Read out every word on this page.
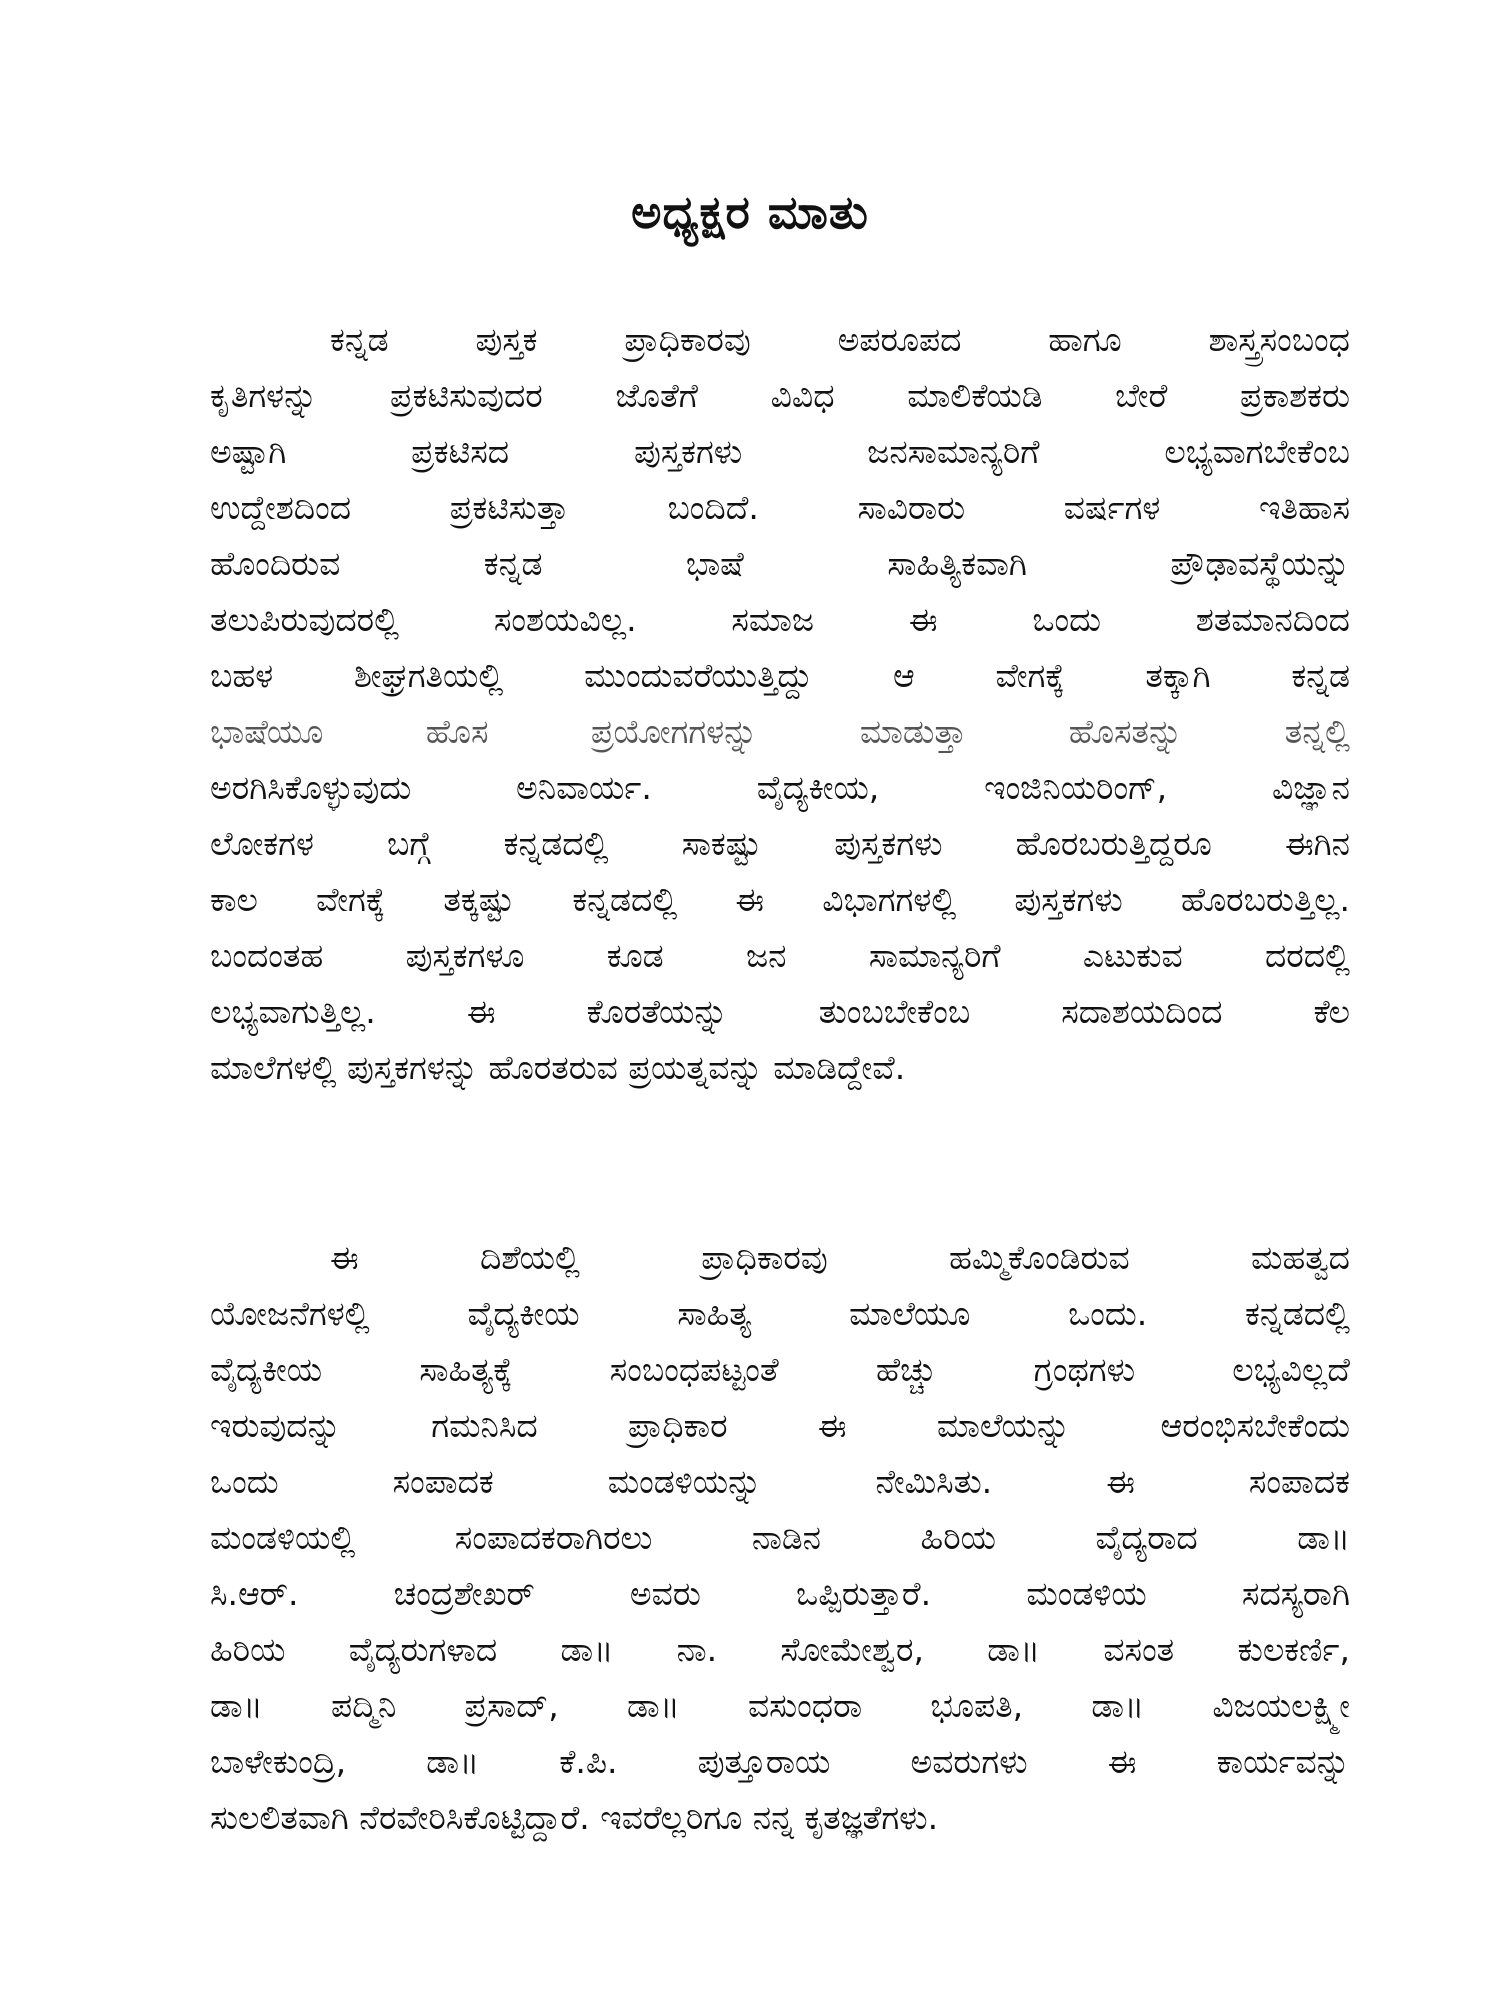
ಅಧ್ಯಕ್ಷರ ಮಾತು
ಕನ್ನಡ ಪುಸ್ತಕ ಪ್ರಾಧಿಕಾರವು ಅಪರೂಪದ ಹಾಗೂ ಶಾಸ್ತ್ರಸಂಬಂಧ
ಕೃತಿಗಳನ್ನು ಪ್ರಕಟಿಸುವುದರ ಜೊತೆಗೆ ವಿವಿಧ ಮಾಲಿಕೆಯಡಿ ಬೇರೆ ಪ್ರಕಾಶಕರು
ಅಷ್ಟಾಗಿ ಪ್ರಕಟಿಸದ ಪುಸ್ತಕಗಳು ಜನಸಾಮಾನ್ಯರಿಗೆ ಲಭ್ಯವಾಗಬೇಕೆಂಬ
ಉದ್ದೇಶದಿಂದ ಪ್ರಕಟಿಸುತ್ತಾ ಬಂದಿದೆ. ಸಾವಿರಾರು ವರ್ಷಗಳ ಇತಿಹಾಸ
ಹೊಂದಿರುವ ಕನ್ನಡ ಭಾಷೆ ಸಾಹಿತ್ಯಿಕವಾಗಿ ಪ್ರೌಢಾವಸ್ಥೆಯನ್ನು
ತಲುಪಿರುವುದರಲ್ಲಿ ಸಂಶಯವಿಲ್ಲ. ಸಮಾಜ ಈ ಒಂದು ಶತಮಾನದಿಂದ
ಬಹಳ ಶೀಘ್ರಗತಿಯಲ್ಲಿ ಮುಂದುವರೆಯುತ್ತಿದ್ದು ಆ ವೇಗಕ್ಕೆ ತಕ್ಕಾಗಿ ಕನ್ನಡ
ಭಾಷೆಯೂ ಹೊಸ ಪ್ರಯೋಗಗಳನ್ನು ಮಾಡುತ್ತಾ ಹೊಸತನ್ನು ತನ್ನಲ್ಲಿ
ಅರಗಿಸಿಕೊಳ್ಳುವುದು ಅನಿವಾರ್ಯ. ವೈದ್ಯಕೀಯ, ಇಂಜಿನಿಯರಿಂಗ್, ವಿಜ್ಞಾನ
ಲೋಕಗಳ ಬಗ್ಗೆ ಕನ್ನಡದಲ್ಲಿ ಸಾಕಷ್ಟು ಪುಸ್ತಕಗಳು ಹೊರಬರುತ್ತಿದ್ದರೂ ಈಗಿನ
ಕಾಲ ವೇಗಕ್ಕೆ ತಕ್ಕಷ್ಟು ಕನ್ನಡದಲ್ಲಿ ಈ ವಿಭಾಗಗಳಲ್ಲಿ ಪುಸ್ತಕಗಳು ಹೊರಬರುತ್ತಿಲ್ಲ.
ಬಂದಂತಹ ಪುಸ್ತಕಗಳೂ ಕೂಡ ಜನ ಸಾಮಾನ್ಯರಿಗೆ ಎಟುಕುವ ದರದಲ್ಲಿ
ಲಭ್ಯವಾಗುತ್ತಿಲ್ಲ. ಈ ಕೊರತೆಯನ್ನು ತುಂಬಬೇಕೆಂಬ ಸದಾಶಯದಿಂದ ಕೆಲ
ಮಾಲೆಗಳಲ್ಲಿ ಪುಸ್ತಕಗಳನ್ನು ಹೊರತರುವ ಪ್ರಯತ್ನವನ್ನು ಮಾಡಿದ್ದೇವೆ.
ಈ ದಿಶೆಯಲ್ಲಿ ಪ್ರಾಧಿಕಾರವು ಹಮ್ಮಿಕೊಂಡಿರುವ ಮಹತ್ವದ
ಯೋಜನೆಗಳಲ್ಲಿ ವೈದ್ಯಕೀಯ ಸಾಹಿತ್ಯ ಮಾಲೆಯೂ ಒಂದು. ಕನ್ನಡದಲ್ಲಿ
ವೈದ್ಯಕೀಯ ಸಾಹಿತ್ಯಕ್ಕೆ ಸಂಬಂಧಪಟ್ಟಂತೆ ಹೆಚ್ಚು ಗ್ರಂಥಗಳು ಲಭ್ಯವಿಲ್ಲದೆ
ಇರುವುದನ್ನು ಗಮನಿಸಿದ ಪ್ರಾಧಿಕಾರ ಈ ಮಾಲೆಯನ್ನು ಆರಂಭಿಸಬೇಕೆಂದು
ಒಂದು ಸಂಪಾದಕ ಮಂಡಳಿಯನ್ನು ನೇಮಿಸಿತು. ಈ ಸಂಪಾದಕ
ಮಂಡಳಿಯಲ್ಲಿ ಸಂಪಾದಕರಾಗಿರಲು ನಾಡಿನ ಹಿರಿಯ ವೈದ್ಯರಾದ ಡಾ॥
ಸಿ.ಆರ್. ಚಂದ್ರಶೇಖರ್ ಅವರು ಒಪ್ಪಿರುತ್ತಾರೆ. ಮಂಡಳಿಯ ಸದಸ್ಯರಾಗಿ
ಹಿರಿಯ ವೈದ್ಯರುಗಳಾದ ಡಾ॥ ನಾ. ಸೋಮೇಶ್ವರ, ಡಾ॥ ವಸಂತ ಕುಲಕರ್ಣಿ,
ಡಾ॥ ಪದ್ಮಿನಿ ಪ್ರಸಾದ್, ಡಾ॥ ವಸುಂಧರಾ ಭೂಪತಿ, ಡಾ॥ ವಿಜಯಲಕ್ಷ್ಮೀ
ಬಾಳೇಕುಂದ್ರಿ, ಡಾ॥ ಕೆ.ಪಿ. ಪುತ್ತೂರಾಯ ಅವರುಗಳು ಈ ಕಾರ್ಯವನ್ನು
ಸುಲಲಿತವಾಗಿ ನೆರವೇರಿಸಿಕೊಟ್ಟಿದ್ದಾರೆ. ಇವರೆಲ್ಲರಿಗೂ ನನ್ನ ಕೃತಜ್ಞತೆಗಳು.
